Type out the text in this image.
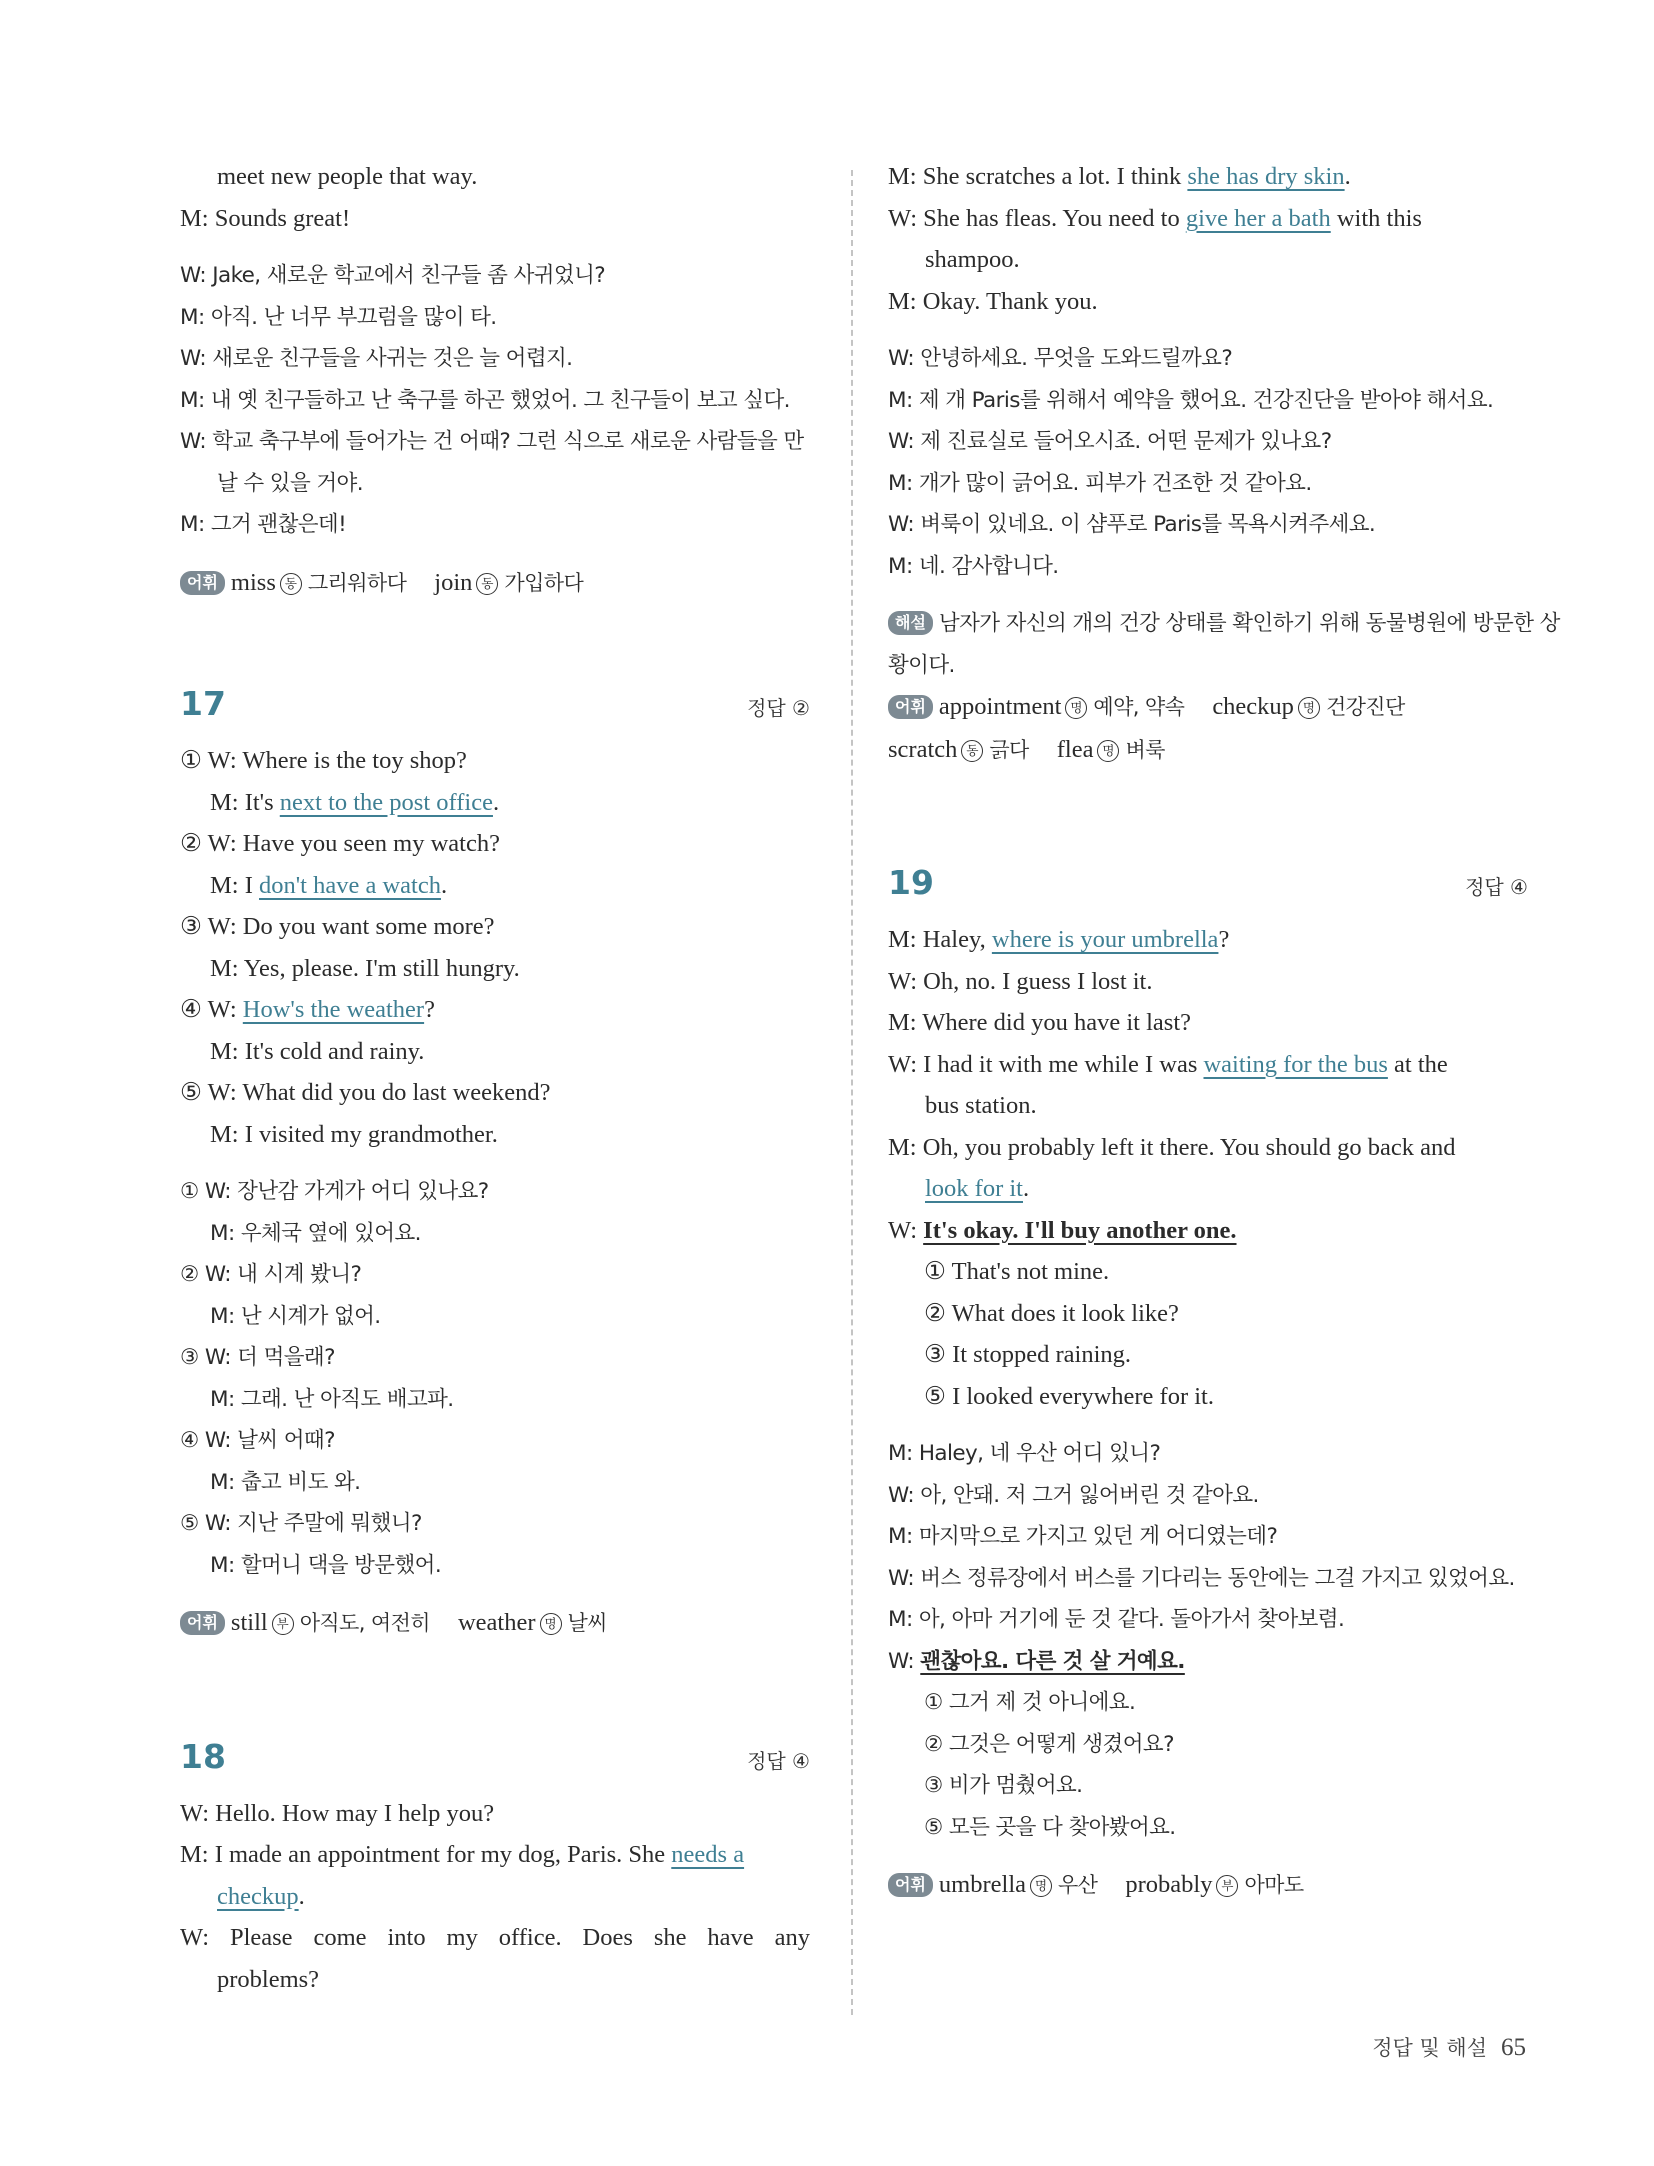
meet new people that way.
M: Sounds great!
W: Jake, 새로운 학교에서 친구들 좀 사귀었니?
M: 아직. 난 너무 부끄럼을 많이 타.
W: 새로운 친구들을 사귀는 것은 늘 어렵지.
M: 내 옛 친구들하고 난 축구를 하곤 했었어. 그 친구들이 보고 싶다.
W: 학교 축구부에 들어가는 건 어때? 그런 식으로 새로운 사람들을 만
날 수 있을 거야.
M: 그거 괜찮은데!
어휘 miss 동 그리워하다 join 동 가입하다
17	정답 ②
① W: Where is the toy shop?
M: It's next to the post office.
② W: Have you seen my watch?
M: I don't have a watch.
③ W: Do you want some more?
M: Yes, please. I'm still hungry.
④ W: How's the weather?
M: It's cold and rainy.
⑤ W: What did you do last weekend?
M: I visited my grandmother.
① W: 장난감 가게가 어디 있나요?
M: 우체국 옆에 있어요.
② W: 내 시계 봤니?
M: 난 시계가 없어.
③ W: 더 먹을래?
M: 그래. 난 아직도 배고파.
④ W: 날씨 어때?
M: 춥고 비도 와.
⑤ W: 지난 주말에 뭐했니?
M: 할머니 댁을 방문했어.
어휘 still 부 아직도, 여전히 weather 명 날씨
18	정답 ④
W: Hello. How may I help you?
M: I made an appointment for my dog, Paris. She needs a
checkup.
W: Please come into my office. Does she have any
problems?
M: She scratches a lot. I think she has dry skin.
W: She has fleas. You need to give her a bath with this
shampoo.
M: Okay. Thank you.
W: 안녕하세요. 무엇을 도와드릴까요?
M: 제 개 Paris를 위해서 예약을 했어요. 건강진단을 받아야 해서요.
W: 제 진료실로 들어오시죠. 어떤 문제가 있나요?
M: 개가 많이 긁어요. 피부가 건조한 것 같아요.
W: 벼룩이 있네요. 이 샴푸로 Paris를 목욕시켜주세요.
M: 네. 감사합니다.
해설 남자가 자신의 개의 건강 상태를 확인하기 위해 동물병원에 방문한 상
황이다.
어휘 appointment 명 예약, 약속 checkup 명 건강진단
scratch 동 긁다 flea 명 벼룩
19	정답 ④
M: Haley, where is your umbrella?
W: Oh, no. I guess I lost it.
M: Where did you have it last?
W: I had it with me while I was waiting for the bus at the
bus station.
M: Oh, you probably left it there. You should go back and
look for it.
W: It's okay. I'll buy another one.
① That's not mine.
② What does it look like?
③ It stopped raining.
⑤ I looked everywhere for it.
M: Haley, 네 우산 어디 있니?
W: 아, 안돼. 저 그거 잃어버린 것 같아요.
M: 마지막으로 가지고 있던 게 어디였는데?
W: 버스 정류장에서 버스를 기다리는 동안에는 그걸 가지고 있었어요.
M: 아, 아마 거기에 둔 것 같다. 돌아가서 찾아보렴.
W: 괜찮아요. 다른 것 살 거예요.
① 그거 제 것 아니에요.
② 그것은 어떻게 생겼어요?
③ 비가 멈췄어요.
⑤ 모든 곳을 다 찾아봤어요.
어휘 umbrella 명 우산 probably 부 아마도
정답 및 해설 65
